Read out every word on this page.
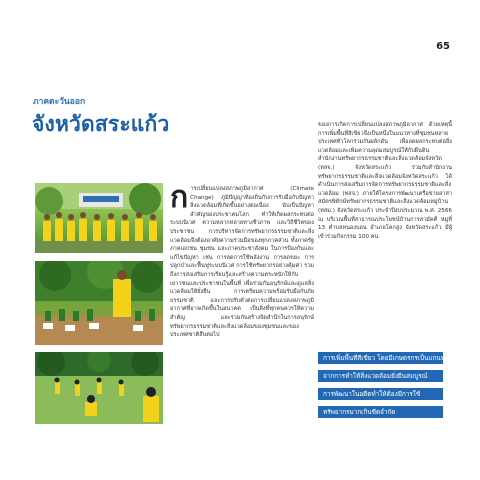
65
ภาคตะวันออก
จังหวัดสระแก้ว
ก ารเปลี่ยนแปลงสภาพภูมิอากาศ (Climate Change) ภูมิปัญญาท้องถิ่นกับการรับมือกับปัญหาสิ่งแวดล้อมที่เกิดขึ้นอย่างต่อเนื่อง นับเป็นปัญหาสำคัญของประชาคมโลก ทำให้เกิดผลกระทบต่อระบบนิเวศ ความหลากหลายทางชีวภาพ และวิถีชีวิตของประชาชน การบริหารจัดการทรัพยากรธรรมชาติและสิ่งแวดล้อมจึงต้องอาศัยความร่วมมือของทุกภาคส่วน ทั้งภาครัฐ ภาคเอกชน ชุมชน และภาคประชาสังคม ในการป้องกันและแก้ไขปัญหา เช่น การลดการใช้พลังงาน การลดขยะ การปลูกป่าและฟื้นฟูระบบนิเวศ การใช้ทรัพยากรอย่างคุ้มค่า รวมถึงการส่งเสริมการเรียนรู้และสร้างความตระหนักให้กับเยาวชนและประชาชนในพื้นที่ เพื่อร่วมกันอนุรักษ์และดูแลสิ่งแวดล้อมให้ยั่งยืน การเตรียมความพร้อมรับมือกับภัยธรรมชาติ และการปรับตัวต่อการเปลี่ยนแปลงสภาพภูมิอากาศที่อาจเกิดขึ้นในอนาคต เป็นสิ่งที่ทุกคนควรให้ความสำคัญ และร่วมกันสร้างจิตสำนึกในการอนุรักษ์ทรัพยากรธรรมชาติและสิ่งแวดล้อมของชุมชนและของประเทศชาติสืบต่อไป
ของการเกิดการเปลี่ยนแปลงสภาพภูมิอากาศ ด้วยเหตุนี้การเพิ่มพื้นที่สีเขียวจึงเป็นหนึ่งในแนวทางที่ชุมชนหลายประเทศทั่วโลกร่วมกันผลักดัน เพื่อลดผลกระทบต่อสิ่งแวดล้อมและเพิ่มความอุดมสมบูรณ์ให้กับผืนดิน สำนักงานทรัพยากรธรรมชาติและสิ่งแวดล้อมจังหวัด (ทสจ.) จังหวัดสระแก้ว ร่วมกับสำนักงานทรัพยากรธรรมชาติและสิ่งแวดล้อมจังหวัดสระแก้ว ได้ดำเนินการส่งเสริมการจัดการทรัพยากรธรรมชาติและสิ่งแวดล้อม (ทสจ.) ภายใต้โครงการพัฒนาเครือข่ายอาสาสมัครพิทักษ์ทรัพยากรธรรมชาติและสิ่งแวดล้อมหมู่บ้าน (ทสม.) จังหวัดสระแก้ว ประจำปีงบประมาณ พ.ศ. 2566 ณ บริเวณพื้นที่สาธารณประโยชน์บ้านการสามัคคี หมู่ที่ 13 ตำบลหนองบอน อำเภอโคกสูง จังหวัดสระแก้ว มีผู้เข้าร่วมกิจกรรม 100 คน
การเพิ่มพื้นที่สีเขียว โดยมีเกษตรกรเป็นแกนหลัก
จากการทำให้สิ่งแวดล้อมยั่งยืนสมบูรณ์
การพัฒนาในอดีตทำให้ต้องมีการใช้
ทรัพยากรมากเกินขีดจำกัด
